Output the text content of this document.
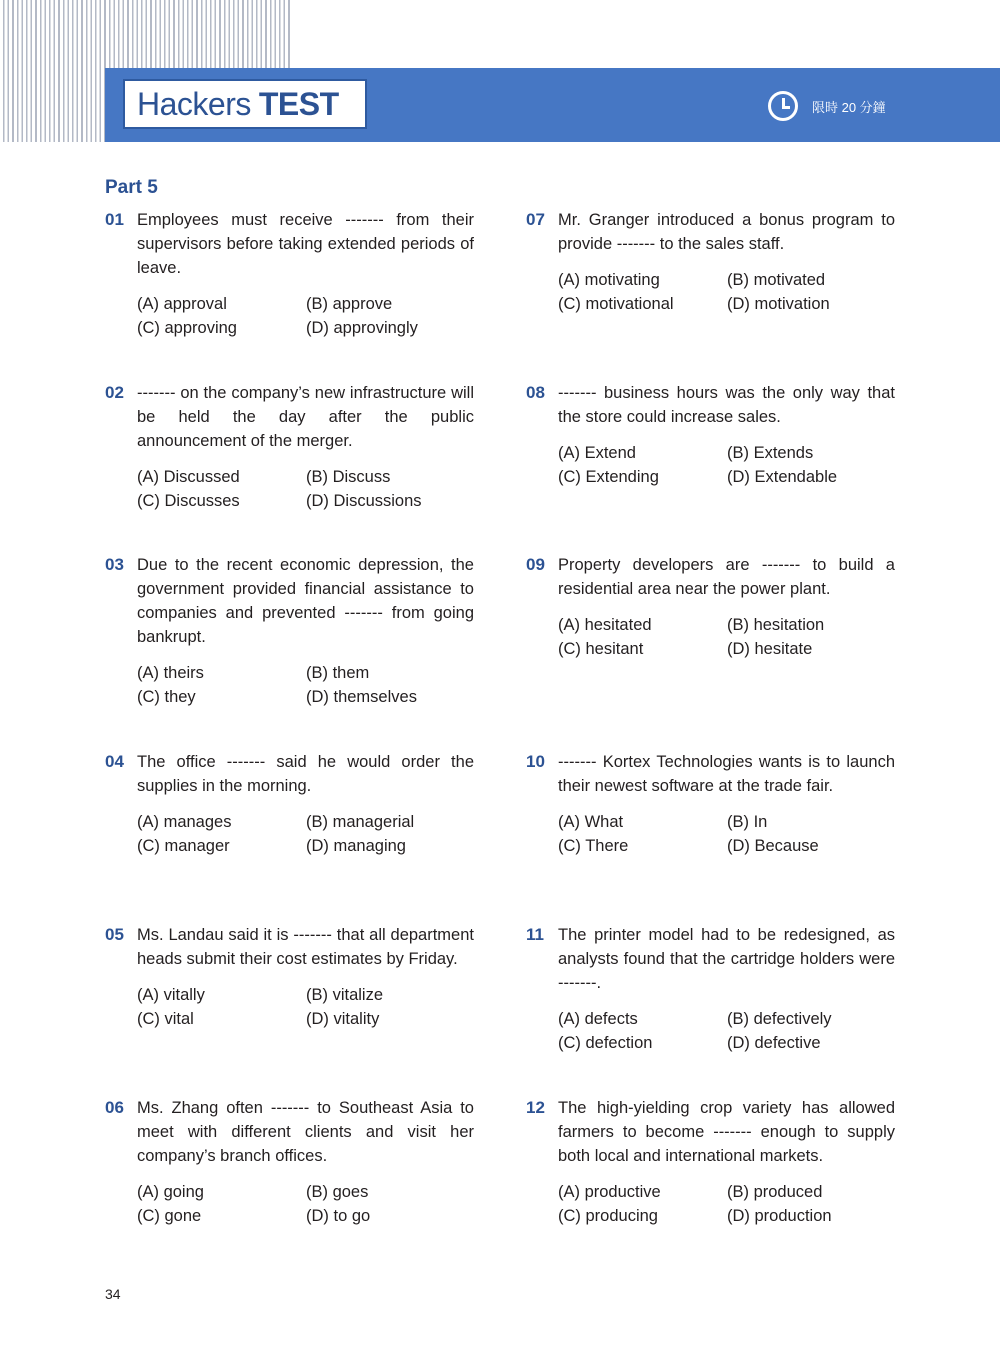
Hackers TEST	限時 20 分鐘
Part 5
01 Employees must receive ------- from their supervisors before taking extended periods of leave.
(A) approval	(B) approve
(C) approving	(D) approvingly
02 ------- on the company’s new infrastructure will be held the day after the public announcement of the merger.
(A) Discussed	(B) Discuss
(C) Discusses	(D) Discussions
03 Due to the recent economic depression, the government provided financial assistance to companies and prevented ------- from going bankrupt.
(A) theirs	(B) them
(C) they	(D) themselves
04 The office ------- said he would order the supplies in the morning.
(A) manages	(B) managerial
(C) manager	(D) managing
05 Ms. Landau said it is ------- that all department heads submit their cost estimates by Friday.
(A) vitally	(B) vitalize
(C) vital	(D) vitality
06 Ms. Zhang often ------- to Southeast Asia to meet with different clients and visit her company’s branch offices.
(A) going	(B) goes
(C) gone	(D) to go
07 Mr. Granger introduced a bonus program to provide ------- to the sales staff.
(A) motivating	(B) motivated
(C) motivational	(D) motivation
08 ------- business hours was the only way that the store could increase sales.
(A) Extend	(B) Extends
(C) Extending	(D) Extendable
09 Property developers are ------- to build a residential area near the power plant.
(A) hesitated	(B) hesitation
(C) hesitant	(D) hesitate
10 ------- Kortex Technologies wants is to launch their newest software at the trade fair.
(A) What	(B) In
(C) There	(D) Because
11 The printer model had to be redesigned, as analysts found that the cartridge holders were -------.
(A) defects	(B) defectively
(C) defection	(D) defective
12 The high-yielding crop variety has allowed farmers to become ------- enough to supply both local and international markets.
(A) productive	(B) produced
(C) producing	(D) production
34
